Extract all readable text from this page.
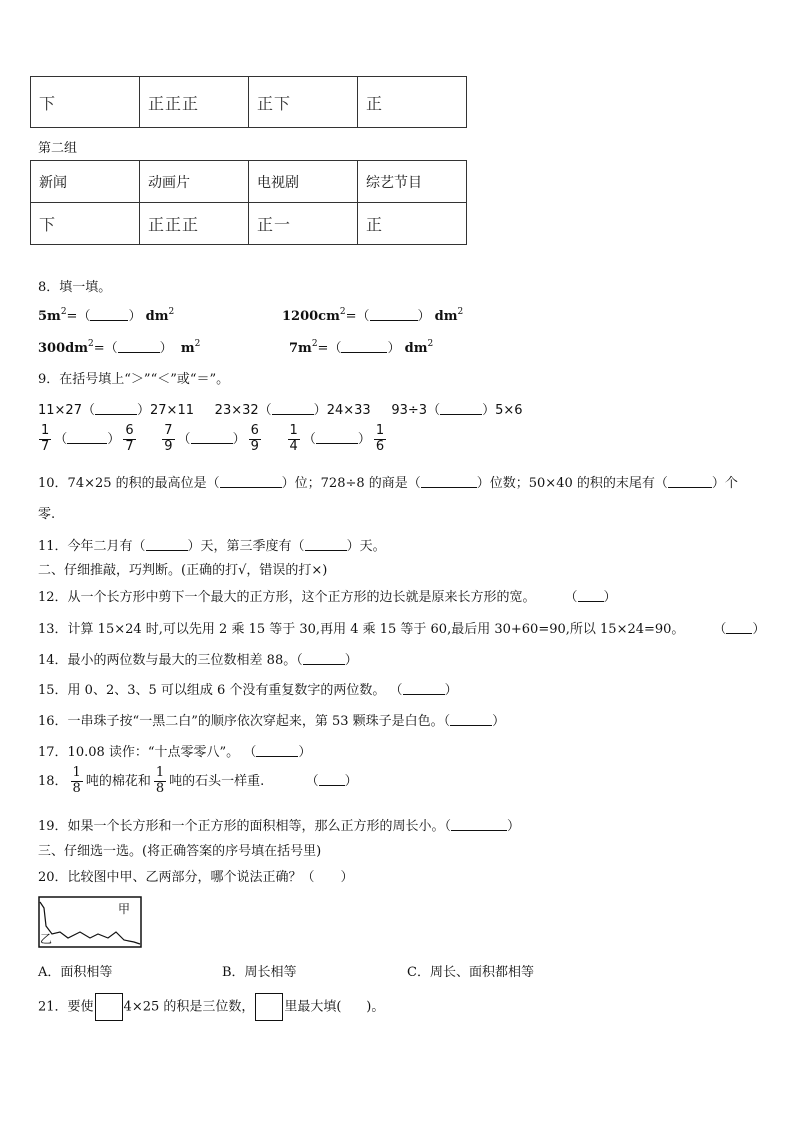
下	正正正	正下	正
第二组
新闻	动画片	电视剧	综艺节目
下	正正正	正一	正
8．填一填。
$5m^2=$（	） $dm^2$	$1200cm^2=$（	） $dm^2$
$300dm^2=$（	） $m^2$	$7m^2=$（	） $dm^2$
9．在括号填上“＞”“＜”或“＝”。
11×27（	）27×11 23×32（	）24×33 93÷3（	）5×6
$\frac{1}{7}$ （	） $\frac{6}{7}$
$\frac{7}{9}$ （	） $\frac{6}{9}$
$\frac{1}{4}$ （	） $\frac{1}{6}$
10．74×25 的积的最高位是（	）位；728÷8 的商是（	）位数；50×40 的积的末尾有（	）个
零.
11．今年二月有（	）天，第三季度有（	）天。
二、仔细推敲，巧判断。(正确的打√，错误的打×)
12．从一个长方形中剪下一个最大的正方形，这个正方形的边长就是原来长方形的宽。 （ ）
13．计算 15×24 时,可以先用 2 乘 15 等于 30,再用 4 乘 15 等于 60,最后用 30+60=90,所以 15×24=90。 （ ）
14．最小的两位数与最大的三位数相差 88。（	）
15．用 0、2、3、5 可以组成 6 个没有重复数字的两位数。 （	）
16．一串珠子按“一黑二白”的顺序依次穿起来，第 53 颗珠子是白色。（	）
17．10.08 读作：“十点零零八”。 （	）
18． $\frac{1}{8}$ 吨的棉花和 $\frac{1}{8}$ 吨的石头一样重.	（ ）
19．如果一个长方形和一个正方形的面积相等，那么正方形的周长小。（	）
三、仔细选一选。(将正确答案的序号填在括号里)
20．比较图中甲、乙两部分，哪个说法正确？（　　）
甲
乙
A．面积相等	B．周长相等	C．周长、面积都相等
21．要使 4×25 的积是三位数， 里最大填( )。
